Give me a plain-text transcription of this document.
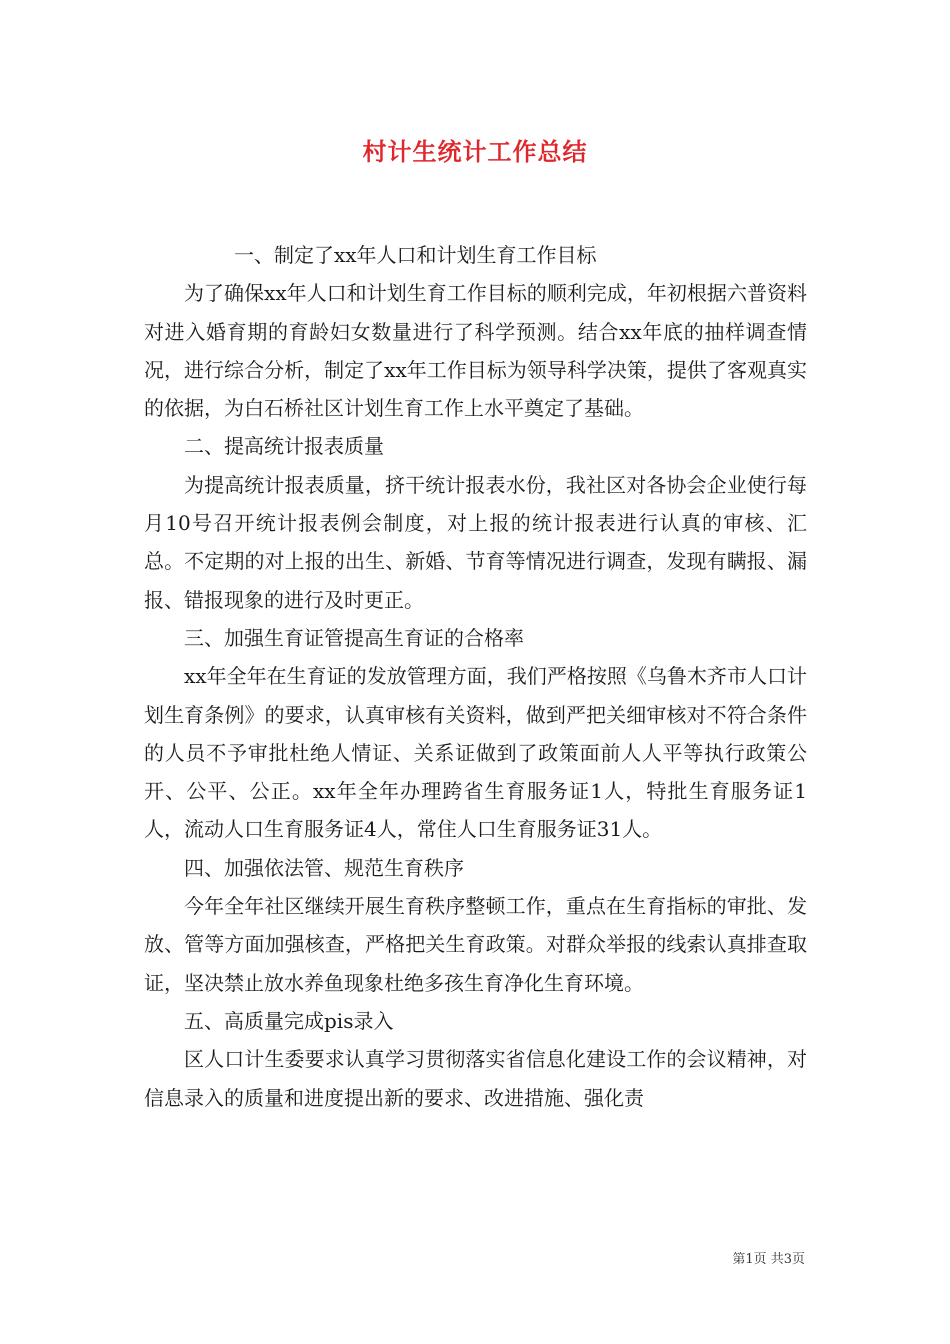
村计生统计工作总结

一、制定了xx年人口和计划生育工作目标

为了确保xx年人口和计划生育工作目标的顺利完成，年初根据六普资料对进入婚育期的育龄妇女数量进行了科学预测。结合xx年底的抽样调查情况，进行综合分析，制定了xx年工作目标为领导科学决策，提供了客观真实的依据，为白石桥社区计划生育工作上水平奠定了基础。

二、提高统计报表质量

为提高统计报表质量，挤干统计报表水份，我社区对各协会企业使行每月10号召开统计报表例会制度，对上报的统计报表进行认真的审核、汇总。不定期的对上报的出生、新婚、节育等情况进行调查，发现有瞒报、漏报、错报现象的进行及时更正。

三、加强生育证管提高生育证的合格率

xx年全年在生育证的发放管理方面，我们严格按照《乌鲁木齐市人口计划生育条例》的要求，认真审核有关资料，做到严把关细审核对不符合条件的人员不予审批杜绝人情证、关系证做到了政策面前人人平等执行政策公开、公平、公正。xx年全年办理跨省生育服务证1人，特批生育服务证1人，流动人口生育服务证4人，常住人口生育服务证31人。

四、加强依法管、规范生育秩序

今年全年社区继续开展生育秩序整顿工作，重点在生育指标的审批、发放、管等方面加强核查，严格把关生育政策。对群众举报的线索认真排查取证，坚决禁止放水养鱼现象杜绝多孩生育净化生育环境。

五、高质量完成pis录入

区人口计生委要求认真学习贯彻落实省信息化建设工作的会议精神，对信息录入的质量和进度提出新的要求、改进措施、强化责

第1页 共3页
